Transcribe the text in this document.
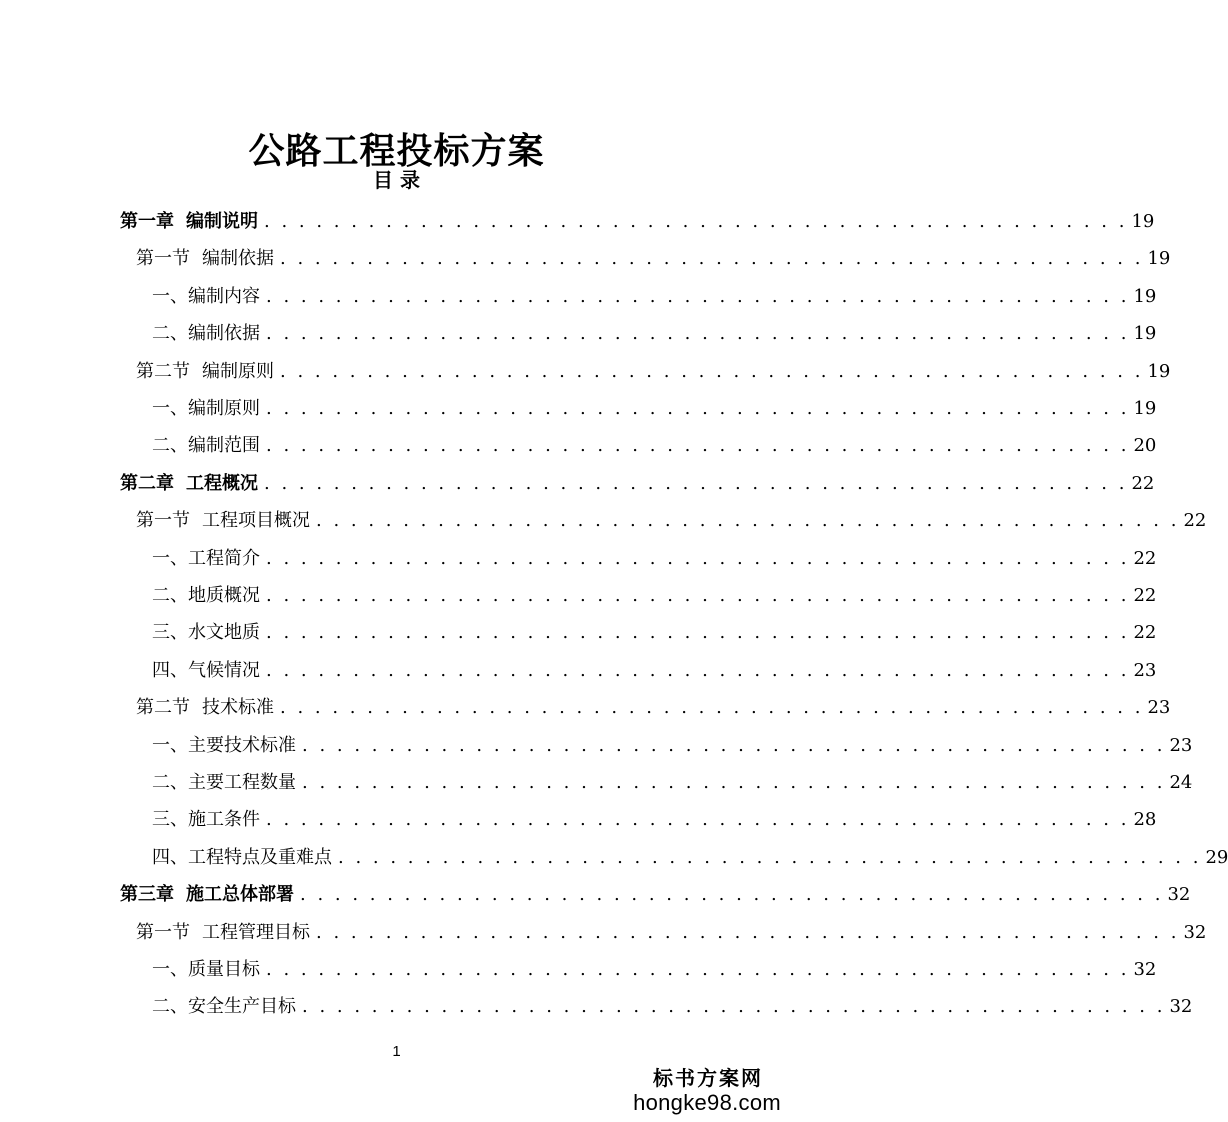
公路工程投标方案
目 录
第一章 编制说明 . . . . . . . . . . . . . . . . . . . . . . . . . . . . . . . . . . . . . . . . . . . . . . . . . . 19
第一节 编制依据 . . . . . . . . . . . . . . . . . . . . . . . . . . . . . . . . . . . . . . . . . . . . . . . . . . 19
一、编制内容 . . . . . . . . . . . . . . . . . . . . . . . . . . . . . . . . . . . . . . . . . . . . . . . . . . 19
二、编制依据 . . . . . . . . . . . . . . . . . . . . . . . . . . . . . . . . . . . . . . . . . . . . . . . . . . 19
第二节 编制原则 . . . . . . . . . . . . . . . . . . . . . . . . . . . . . . . . . . . . . . . . . . . . . . . . . . 19
一、编制原则 . . . . . . . . . . . . . . . . . . . . . . . . . . . . . . . . . . . . . . . . . . . . . . . . . . 19
二、编制范围 . . . . . . . . . . . . . . . . . . . . . . . . . . . . . . . . . . . . . . . . . . . . . . . . . . 20
第二章 工程概况 . . . . . . . . . . . . . . . . . . . . . . . . . . . . . . . . . . . . . . . . . . . . . . . . . . 22
第一节 工程项目概况 . . . . . . . . . . . . . . . . . . . . . . . . . . . . . . . . . . . . . . . . . . . . . . . . . . 22
一、工程简介 . . . . . . . . . . . . . . . . . . . . . . . . . . . . . . . . . . . . . . . . . . . . . . . . . . 22
二、地质概况 . . . . . . . . . . . . . . . . . . . . . . . . . . . . . . . . . . . . . . . . . . . . . . . . . . 22
三、水文地质 . . . . . . . . . . . . . . . . . . . . . . . . . . . . . . . . . . . . . . . . . . . . . . . . . . 22
四、气候情况 . . . . . . . . . . . . . . . . . . . . . . . . . . . . . . . . . . . . . . . . . . . . . . . . . . 23
第二节 技术标准 . . . . . . . . . . . . . . . . . . . . . . . . . . . . . . . . . . . . . . . . . . . . . . . . . . 23
一、主要技术标准 . . . . . . . . . . . . . . . . . . . . . . . . . . . . . . . . . . . . . . . . . . . . . . . . . . 23
二、主要工程数量 . . . . . . . . . . . . . . . . . . . . . . . . . . . . . . . . . . . . . . . . . . . . . . . . . . 24
三、施工条件 . . . . . . . . . . . . . . . . . . . . . . . . . . . . . . . . . . . . . . . . . . . . . . . . . . 28
四、工程特点及重难点 . . . . . . . . . . . . . . . . . . . . . . . . . . . . . . . . . . . . . . . . . . . . . . . . . . 29
第三章 施工总体部署 . . . . . . . . . . . . . . . . . . . . . . . . . . . . . . . . . . . . . . . . . . . . . . . . . . 32
第一节 工程管理目标 . . . . . . . . . . . . . . . . . . . . . . . . . . . . . . . . . . . . . . . . . . . . . . . . . . 32
一、质量目标 . . . . . . . . . . . . . . . . . . . . . . . . . . . . . . . . . . . . . . . . . . . . . . . . . . 32
二、安全生产目标 . . . . . . . . . . . . . . . . . . . . . . . . . . . . . . . . . . . . . . . . . . . . . . . . . . 32
1
标书方案网
hongke98.com
